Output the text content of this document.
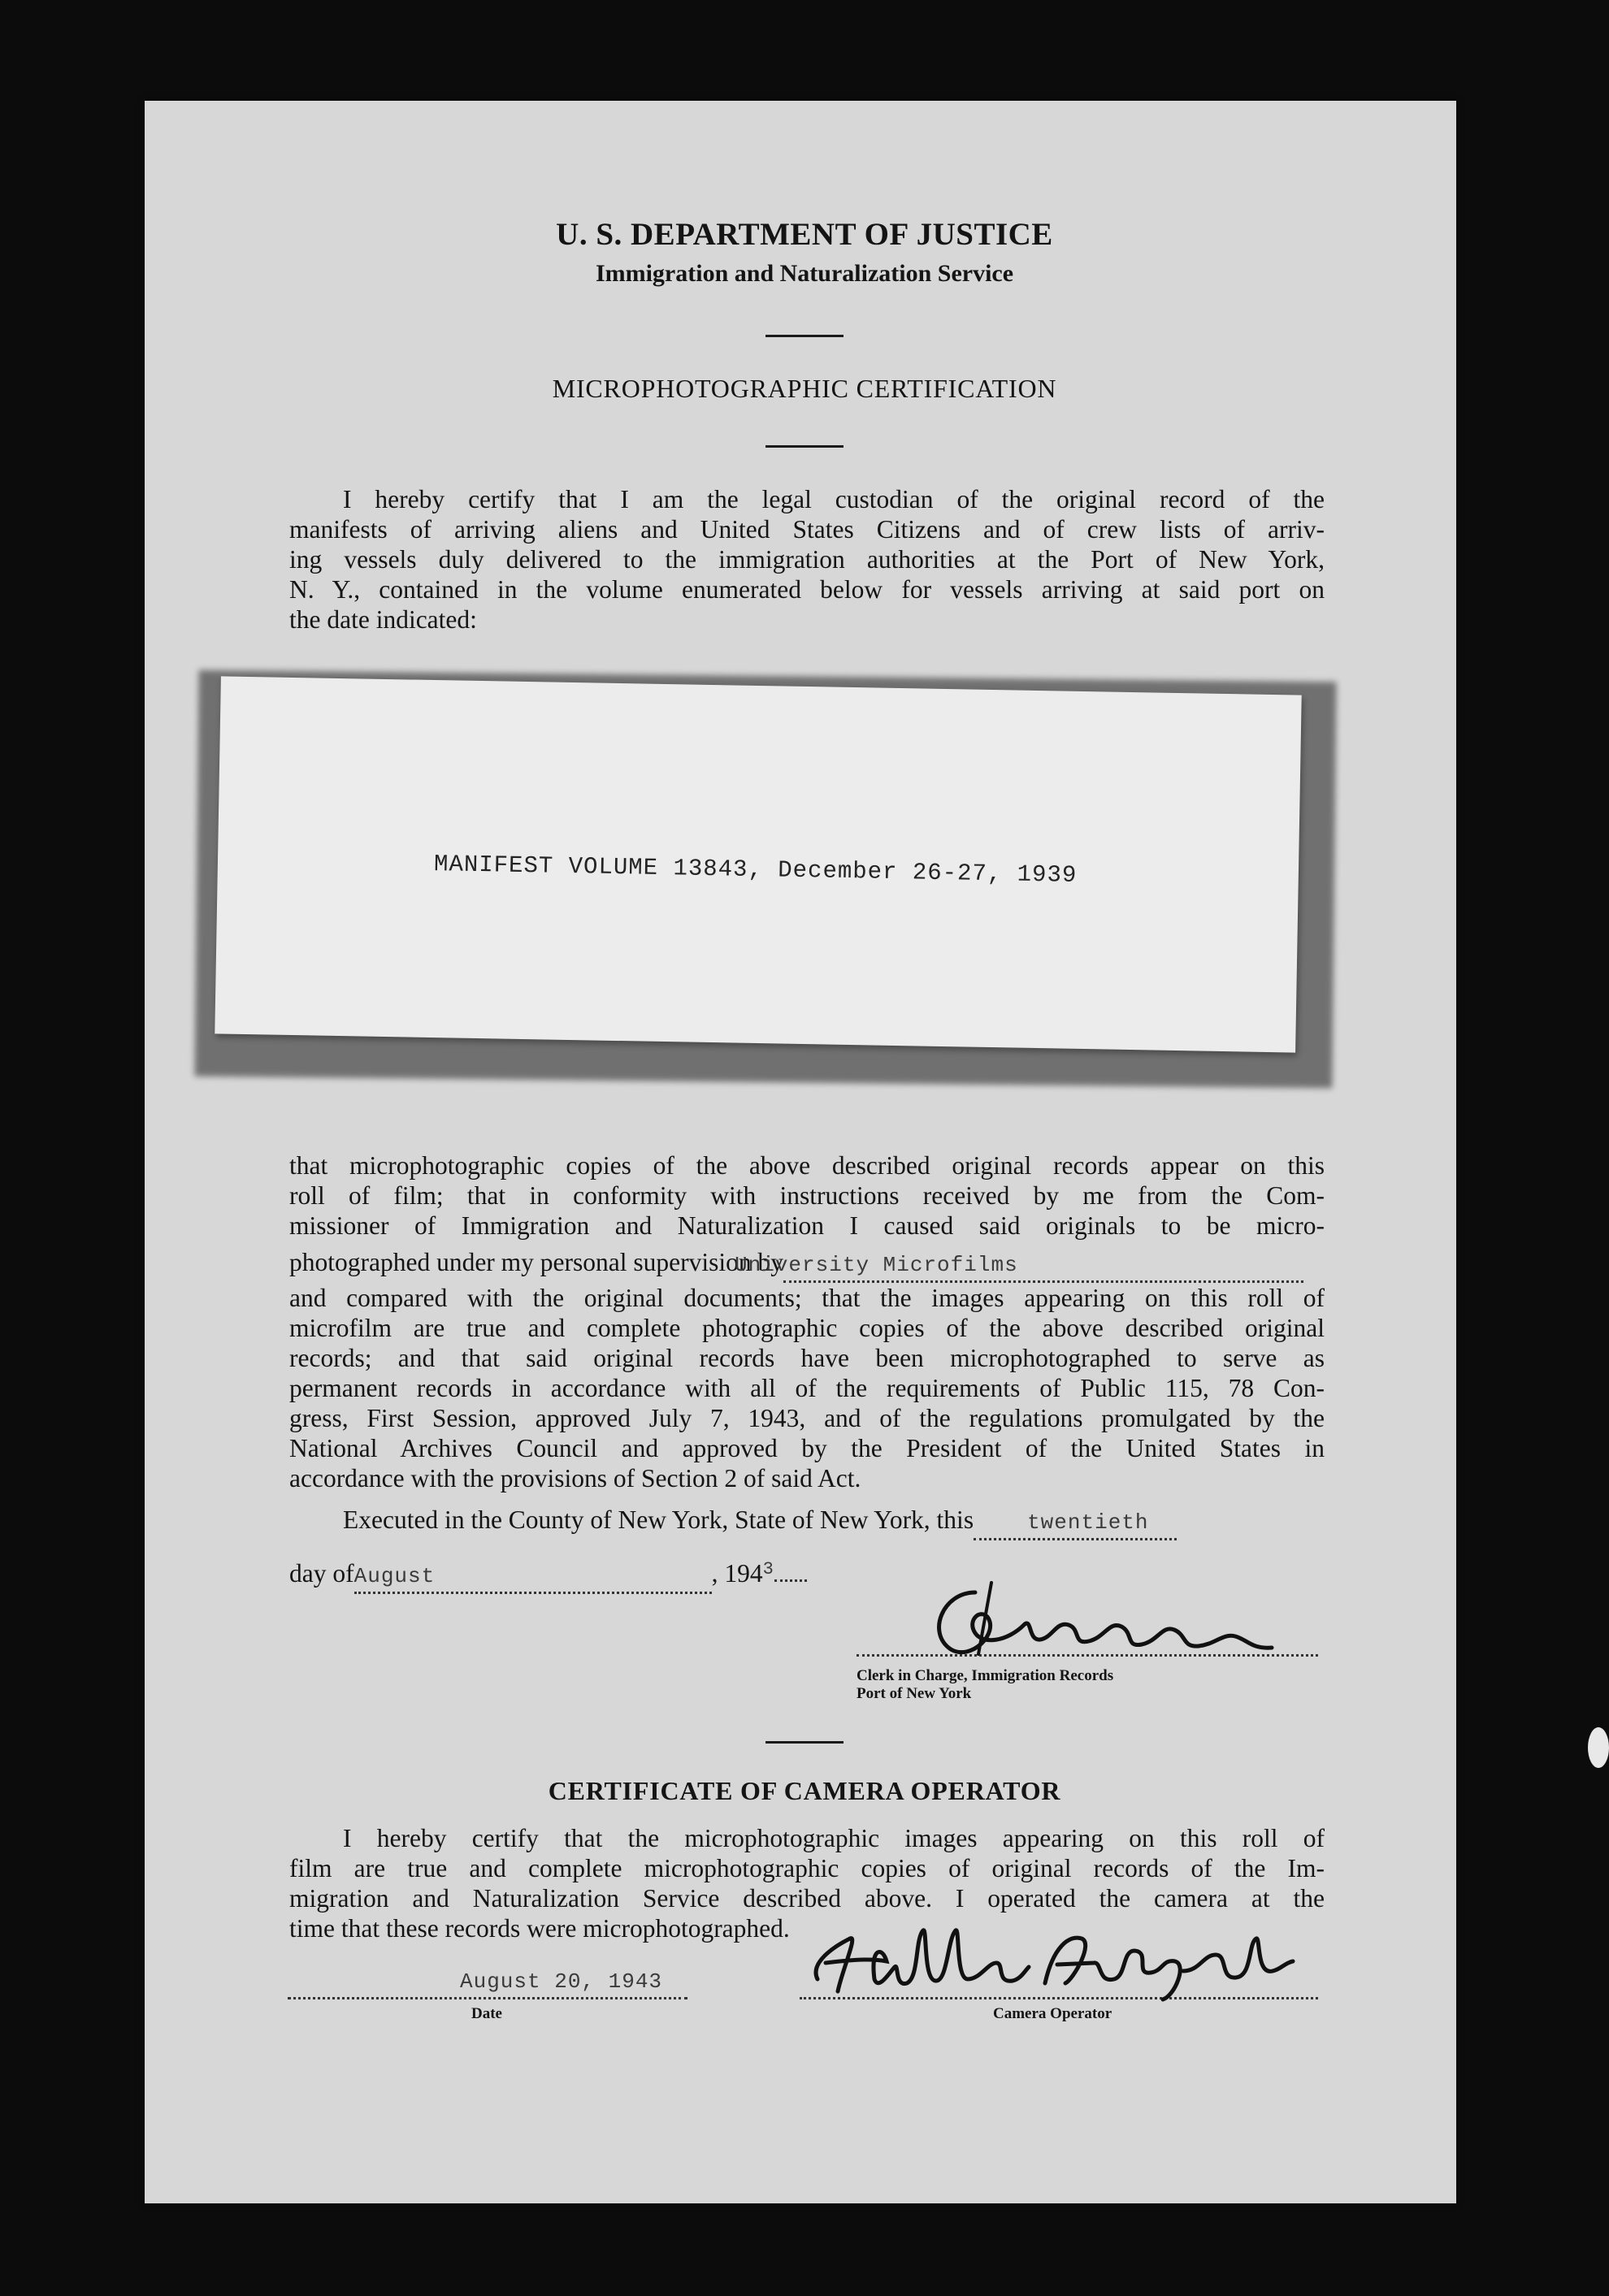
U. S. DEPARTMENT OF JUSTICE
Immigration and Naturalization Service
MICROPHOTOGRAPHIC CERTIFICATION
I hereby certify that I am the legal custodian of the original record of the
manifests of arriving aliens and United States Citizens and of crew lists of arriv-
ing vessels duly delivered to the immigration authorities at the Port of New York,
N. Y., contained in the volume enumerated below for vessels arriving at said port on
the date indicated:
MANIFEST VOLUME 13843, December 26-27, 1939
that microphotographic copies of the above described original records appear on this
roll of film; that in conformity with instructions received by me from the Com-
missioner of Immigration and Naturalization I caused said originals to be micro-
photographed under my personal supervision byUniversity Microfilms
and compared with the original documents; that the images appearing on this roll of
microfilm are true and complete photographic copies of the above described original
records; and that said original records have been microphotographed to serve as
permanent records in accordance with all of the requirements of Public 115, 78 Con-
gress, First Session, approved July 7, 1943, and of the regulations promulgated by the
National Archives Council and approved by the President of the United States in
accordance with the provisions of Section 2 of said Act.
Executed in the County of New York, State of New York, this	twentieth
day ofAugust	, $194^3$
Clerk in Charge, Immigration Records
Port of New York
CERTIFICATE OF CAMERA OPERATOR
I hereby certify that the microphotographic images appearing on this roll of
film are true and complete microphotographic copies of original records of the Im-
migration and Naturalization Service described above. I operated the camera at the
time that these records were microphotographed.
August 20, 1943
Date	Camera Operator
